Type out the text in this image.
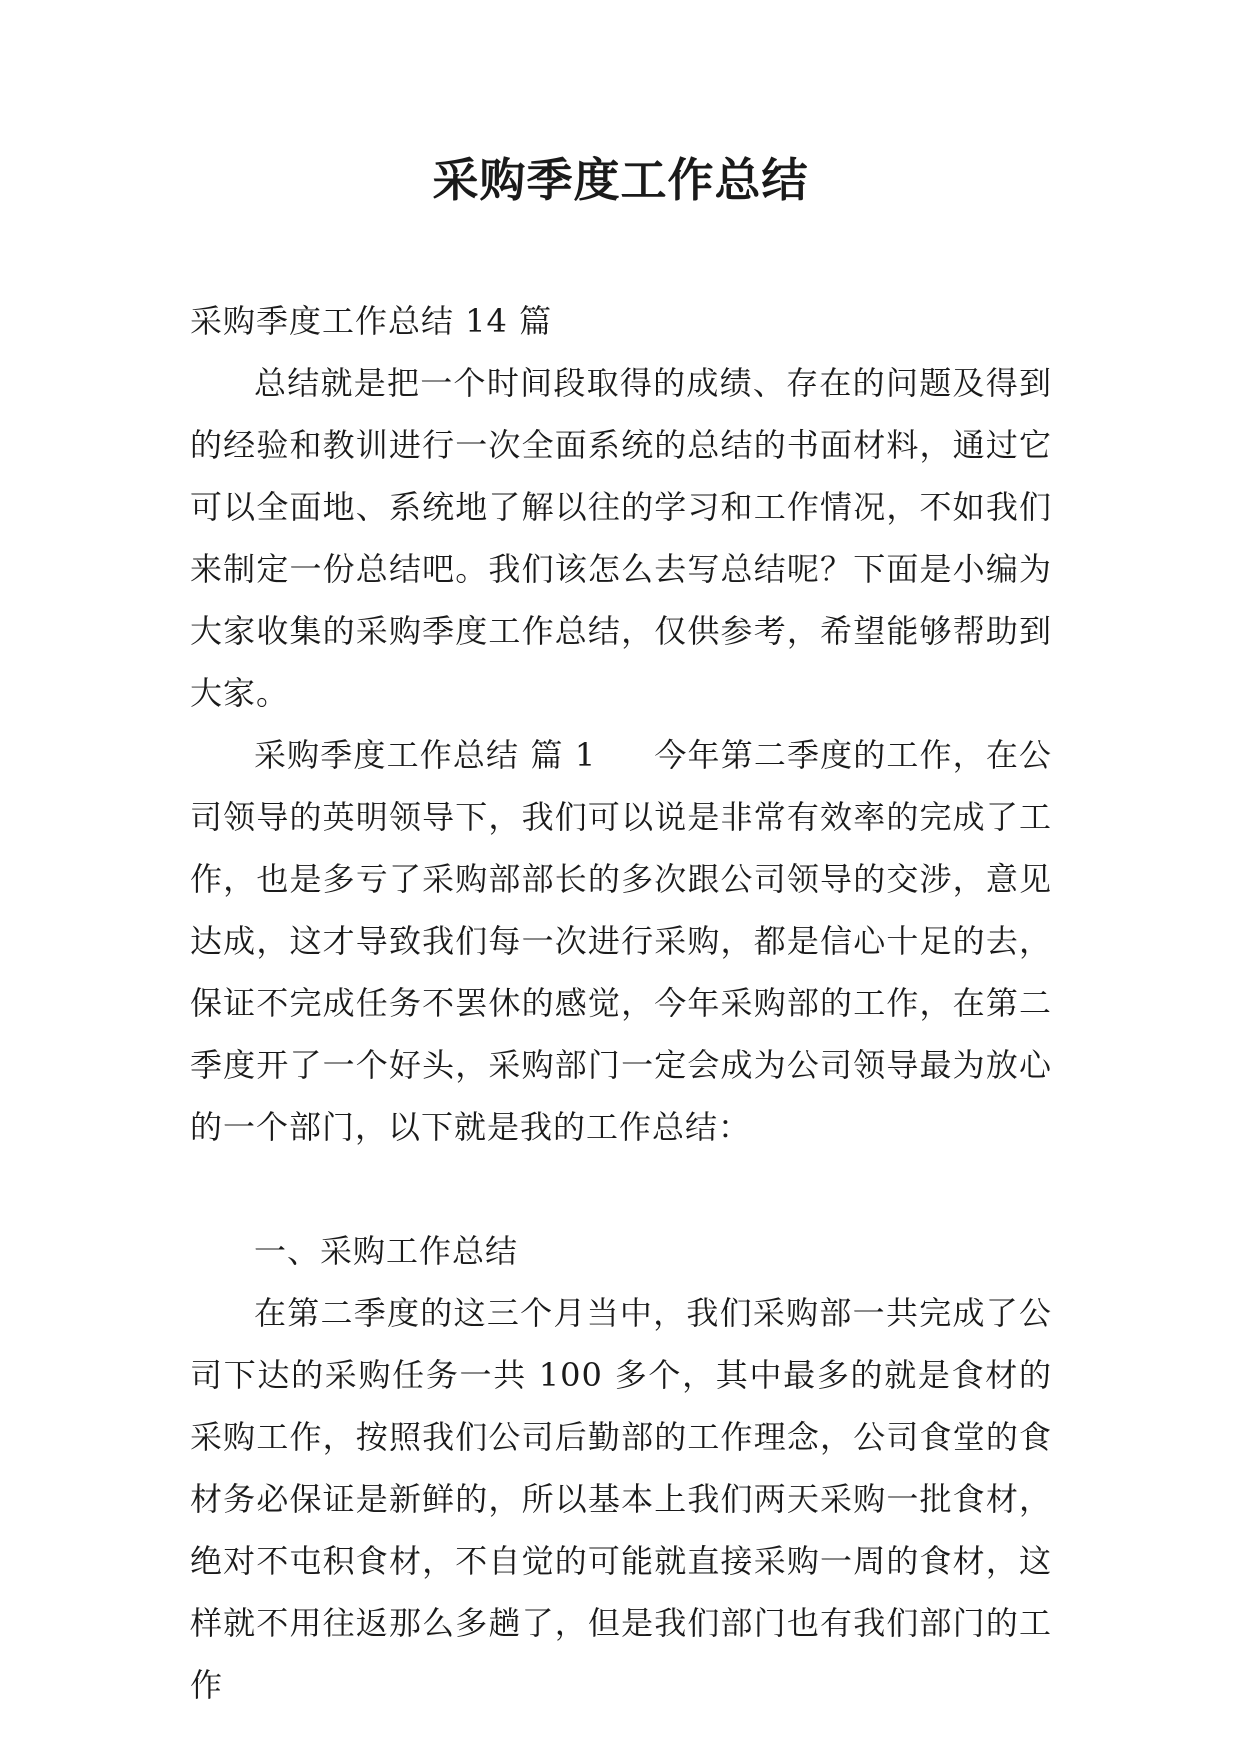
采购季度工作总结

采购季度工作总结 14 篇

总结就是把一个时间段取得的成绩、存在的问题及得到的经验和教训进行一次全面系统的总结的书面材料，通过它可以全面地、系统地了解以往的学习和工作情况，不如我们来制定一份总结吧。我们该怎么去写总结呢？下面是小编为大家收集的采购季度工作总结，仅供参考，希望能够帮助到大家。

采购季度工作总结 篇 1 今年第二季度的工作，在公司领导的英明领导下，我们可以说是非常有效率的完成了工作，也是多亏了采购部部长的多次跟公司领导的交涉，意见达成，这才导致我们每一次进行采购，都是信心十足的去，保证不完成任务不罢休的感觉，今年采购部的工作，在第二季度开了一个好头，采购部门一定会成为公司领导最为放心的一个部门，以下就是我的工作总结：

一、采购工作总结

在第二季度的这三个月当中，我们采购部一共完成了公司下达的采购任务一共 100 多个，其中最多的就是食材的采购工作，按照我们公司后勤部的工作理念，公司食堂的食材务必保证是新鲜的，所以基本上我们两天采购一批食材，绝对不屯积食材，不自觉的可能就直接采购一周的食材，这样就不用往返那么多趟了，但是我们部门也有我们部门的工作
